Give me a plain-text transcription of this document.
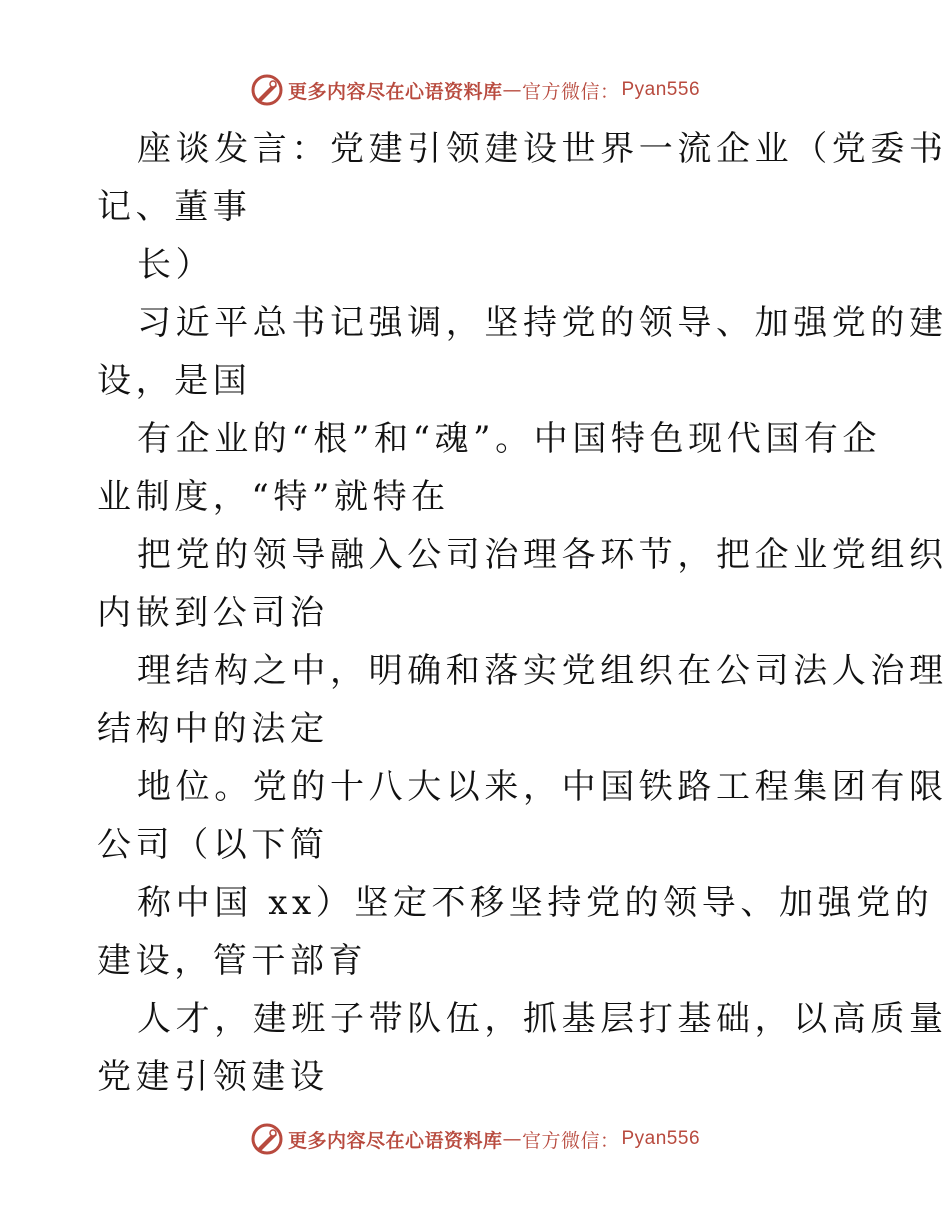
更多内容尽在心语资料库 — 官方微信： Pyan556
座谈发言：党建引领建设世界一流企业（党委书
记、董事
长）
习近平总书记强调，坚持党的领导、加强党的建
设，是国
有企业的“根”和“魂”。中国特色现代国有企
业制度，“特”就特在
把党的领导融入公司治理各环节，把企业党组织
内嵌到公司治
理结构之中，明确和落实党组织在公司法人治理
结构中的法定
地位。党的十八大以来，中国铁路工程集团有限
公司（以下简
称中国 xx）坚定不移坚持党的领导、加强党的
建设，管干部育
人才，建班子带队伍，抓基层打基础，以高质量
党建引领建设
更多内容尽在心语资料库 — 官方微信： Pyan556
